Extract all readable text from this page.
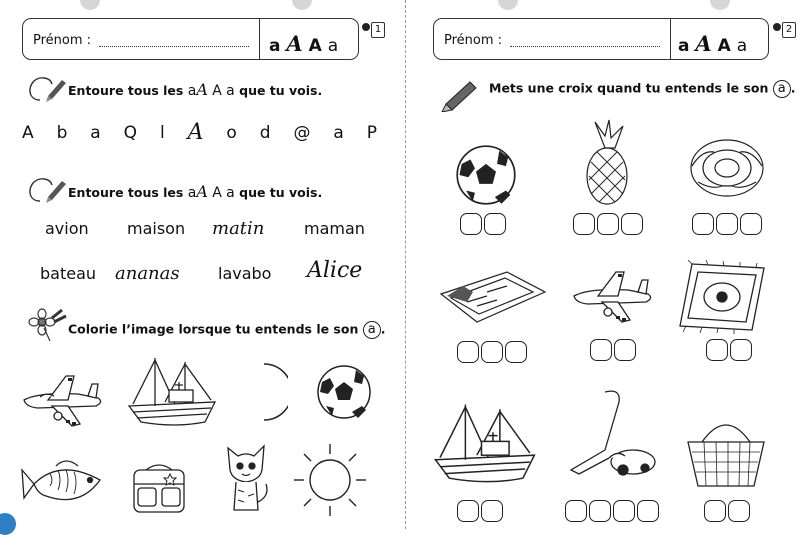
Prénom :	a A A a
1
Entoure tous les aA A a que tu vois.
A b a Q l A o d @ a P
Entoure tous les aA A a que tu vois.
avion maison matin maman
bateau ananas lavabo Alice
Colorie l’image lorsque tu entends le son a .
Prénom :	a A A a
2
Mets une croix quand tu entends le son a .
